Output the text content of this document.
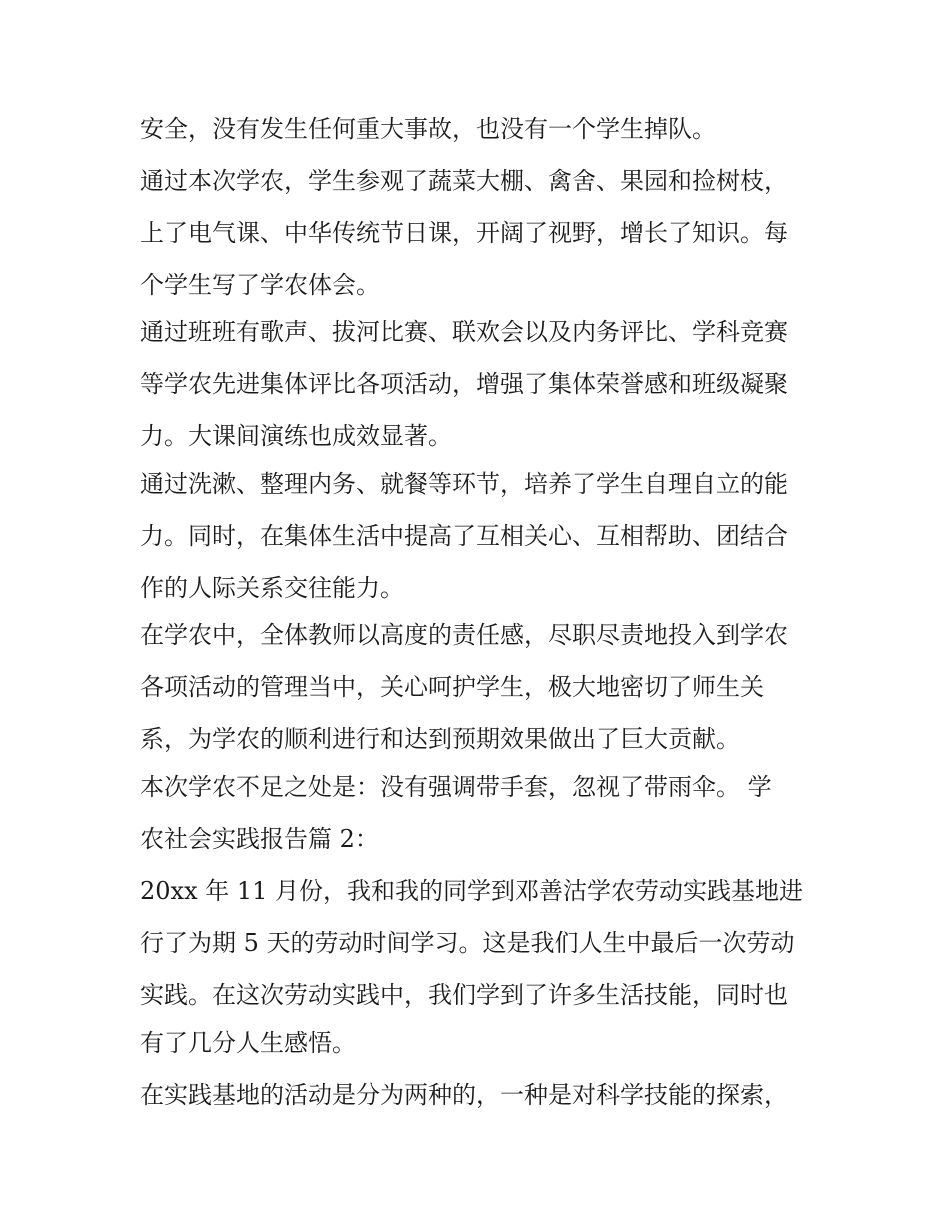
安全，没有发生任何重大事故，也没有一个学生掉队。
通过本次学农，学生参观了蔬菜大棚、禽舍、果园和捡树枝，
上了电气课、中华传统节日课，开阔了视野，增长了知识。每
个学生写了学农体会。
通过班班有歌声、拔河比赛、联欢会以及内务评比、学科竞赛
等学农先进集体评比各项活动，增强了集体荣誉感和班级凝聚
力。大课间演练也成效显著。
通过洗漱、整理内务、就餐等环节，培养了学生自理自立的能
力。同时，在集体生活中提高了互相关心、互相帮助、团结合
作的人际关系交往能力。
在学农中，全体教师以高度的责任感，尽职尽责地投入到学农
各项活动的管理当中，关心呵护学生，极大地密切了师生关
系，为学农的顺利进行和达到预期效果做出了巨大贡献。
本次学农不足之处是：没有强调带手套，忽视了带雨伞。 学
农社会实践报告篇 2：
20xx 年 11 月份，我和我的同学到邓善沽学农劳动实践基地进
行了为期 5 天的劳动时间学习。这是我们人生中最后一次劳动
实践。在这次劳动实践中，我们学到了许多生活技能，同时也
有了几分人生感悟。
在实践基地的活动是分为两种的，一种是对科学技能的探索，
